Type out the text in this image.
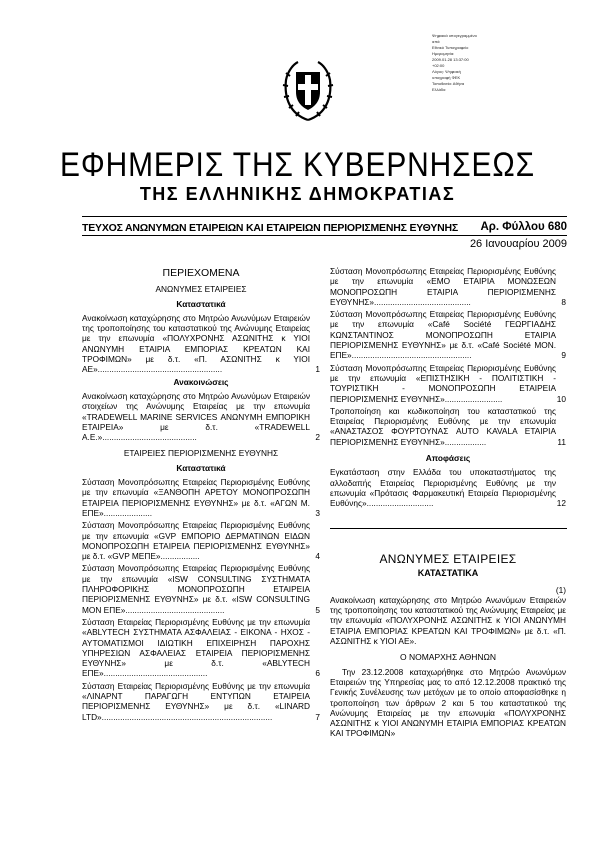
Ψηφιακά υπογεγραμμένο
από:
Εθνικό Τυπογραφείο
Ημερομηνία:
2009.01.28 13:37:00
+02:00
Λόγος: Ψηφιακή
υπογραφή ΦΕΚ
Τοποθεσία: Αθήνα
Ελλάδα
ΕΦΗΜΕΡΙΣ ΤΗΣ ΚΥΒΕΡΝΗΣΕΩΣ
ΤΗΣ ΕΛΛΗΝΙΚΗΣ ΔΗΜΟΚΡΑΤΙΑΣ
ΤΕΥΧΟΣ ΑΝΩΝΥΜΩΝ ΕΤΑΙΡΕΙΩΝ ΚΑΙ ΕΤΑΙΡΕΙΩΝ ΠΕΡΙΟΡΙΣΜΕΝΗΣ ΕΥΘΥΝΗΣ Αρ. Φύλλου 680
26 Ιανουαρίου 2009
ΠΕΡΙΕΧΟΜΕΝΑ
ΑΝΩΝΥΜΕΣ ΕΤΑΙΡΕΙΕΣ
Καταστατικά
Ανακοίνωση καταχώρησης στο Μητρώο Ανωνύμων Εταιρειών της τροποποίησης του καταστατικού της Ανώνυμης Εταιρείας με την επωνυμία «ΠΟΛΥΧΡΟΝΗΣ ΑΣΩΝΙΤΗΣ κ ΥΙΟΙ ΑΝΩΝΥΜΗ ΕΤΑΙΡΙΑ ΕΜΠΟΡΙΑΣ ΚΡΕΑΤΩΝ ΚΑΙ ΤΡΟΦΙΜΩΝ» με δ.τ. «Π. ΑΣΩΝΙΤΗΣ κ ΥΙΟΙ ΑΕ»......................................................	1
Ανακοινώσεις
Ανακοίνωση καταχώρησης στο Μητρώο Ανωνύμων Εταιρειών στοιχείων της Ανώνυμης Εταιρείας με την επωνυμία «TRADEWELL MARINE SERVICES ΑΝΩΝΥΜΗ ΕΜΠΟΡΙΚΗ ΕΤΑΙΡΕΙΑ» με δ.τ. «TRADEWELL Α.Ε.».........................................	2
ΕΤΑΙΡΕΙΕΣ ΠΕΡΙΟΡΙΣΜΕΝΗΣ ΕΥΘΥΝΗΣ
Καταστατικά
Σύσταση Μονοπρόσωπης Εταιρείας Περιορισμένης Ευθύνης με την επωνυμία «ΞΑΝΘΟΠΗ ΑΡΕΤΟΥ ΜΟΝΟΠΡΟΣΩΠΗ ΕΤΑΙΡΕΙΑ ΠΕΡΙΟΡΙΣΜΕΝΗΣ ΕΥΘΥΝΗΣ» με δ.τ. «ΑΓΩΝ Μ. ΕΠΕ».....................	3
Σύσταση Μονοπρόσωπης Εταιρείας Περιορισμένης Ευθύνης με την επωνυμία «GVP ΕΜΠΟΡΙΟ ΔΕΡΜΑΤΙΝΩΝ ΕΙΔΩΝ ΜΟΝΟΠΡΟΣΩΠΗ ΕΤΑΙΡΕΙΑ ΠΕΡΙΟΡΙΣΜΕΝΗΣ ΕΥΘΥΝΗΣ» με δ.τ. «GVP ΜΕΠΕ».................	4
Σύσταση Μονοπρόσωπης Εταιρείας Περιορισμένης Ευθύνης με την επωνυμία «ISW CONSULTING ΣΥΣΤΗΜΑΤΑ ΠΛΗΡΟΦΟΡΙΚΗΣ ΜΟΝΟΠΡΟΣΩΠΗ ΕΤΑΙΡΕΙΑ ΠΕΡΙΟΡΙΣΜΕΝΗΣ ΕΥΘΥΝΗΣ» με δ.τ. «ISW CONSULTING ΜΟΝ ΕΠΕ»...........................................	5
Σύσταση Εταιρείας Περιορισμένης Ευθύνης με την επωνυμία «ABLYTECH ΣΥΣΤΗΜΑΤΑ ΑΣΦΑΛΕΙΑΣ - ΕΙΚΟΝΑ - ΗΧΟΣ - ΑΥΤΟΜΑΤΙΣΜΟΙ ΙΔΙΩΤΙΚΗ ΕΠΙΧΕΙΡΗΣΗ ΠΑΡΟΧΗΣ ΥΠΗΡΕΣΙΩΝ ΑΣΦΑΛΕΙΑΣ ΕΤΑΙΡΕΙΑ ΠΕΡΙΟΡΙΣΜΕΝΗΣ ΕΥΘΥΝΗΣ» με δ.τ. «ABLYTECH ΕΠΕ».............................................	6
Σύσταση Εταιρείας Περιορισμένης Ευθύνης με την επωνυμία «ΛΙΝΑΡΝΤ ΠΑΡΑΓΩΓΗ ΕΝΤΥΠΩΝ ΕΤΑΙΡΕΙΑ ΠΕΡΙΟΡΙΣΜΕΝΗΣ ΕΥΘΥΝΗΣ» με δ.τ. «LINARD LTD»..........................................................................	7
Σύσταση Μονοπρόσωπης Εταιρείας Περιορισμένης Ευθύνης με την επωνυμία «ΕΜΟ ΕΤΑΙΡΙΑ ΜΟΝΩΣΕΩΝ ΜΟΝΟΠΡΟΣΩΠΗ ΕΤΑΙΡΙΑ ΠΕΡΙΟΡΙΣΜΕΝΗΣ ΕΥΘΥΝΗΣ»..........................................	8
Σύσταση Μονοπρόσωπης Εταιρείας Περιορισμένης Ευθύνης με την επωνυμία «Café Société ΓΕΩΡΓΙΑΔΗΣ ΚΩΝΣΤΑΝΤΙΝΟΣ ΜΟΝΟΠΡΟΣΩΠΗ ΕΤΑΙΡΙΑ ΠΕΡΙΟΡΙΣΜΕΝΗΣ ΕΥΘΥΝΗΣ» με δ.τ. «Café Société ΜΟΝ. ΕΠΕ»....................................................	9
Σύσταση Μονοπρόσωπης Εταιρείας Περιορισμένης Ευθύνης με την επωνυμία «ΕΠΙΣΤΗΣΙΚΗ - ΠΟΛΙΤΙΣΤΙΚΗ - ΤΟΥΡΙΣΤΙΚΗ - ΜΟΝΟΠΡΟΣΩΠΗ ΕΤΑΙΡΕΙΑ ΠΕΡΙΟΡΙΣΜΕΝΗΣ ΕΥΘΥΝΗΣ».........................	10
Τροποποίηση και κωδικοποίηση του καταστατικού της Εταιρείας Περιορισμένης Ευθύνης με την επωνυμία «ΑΝΑΣΤΑΣΟΣ ΦΟΥΡΤΟΥΝΑΣ AUTO KAVALA ΕΤΑΙΡΙΑ ΠΕΡΙΟΡΙΣΜΕΝΗΣ ΕΥΘΥΝΗΣ»..................	11
Αποφάσεις
Εγκατάσταση στην Ελλάδα του υποκαταστήματος της αλλοδαπής Εταιρείας Περιορισμένης Ευθύνης με την επωνυμία «Πρότασις Φαρμακευτική Εταιρεία Περιορισμένης Ευθύνης».............................	12
ΑΝΩΝΥΜΕΣ ΕΤΑΙΡΕΙΕΣ
ΚΑΤΑΣΤΑΤΙΚΑ
(1)
Ανακοίνωση καταχώρησης στο Μητρώο Ανωνύμων Εταιρειών της τροποποίησης του καταστατικού της Ανώνυμης Εταιρείας με την επωνυμία «ΠΟΛΥΧΡΟΝΗΣ ΑΣΩΝΙΤΗΣ κ ΥΙΟΙ ΑΝΩΝΥΜΗ ΕΤΑΙΡΙΑ ΕΜΠΟΡΙΑΣ ΚΡΕΑΤΩΝ ΚΑΙ ΤΡΟΦΙΜΩΝ» με δ.τ. «Π. ΑΣΩΝΙΤΗΣ κ ΥΙΟΙ ΑΕ».
Ο ΝΟΜΑΡΧΗΣ ΑΘΗΝΩΝ
Την 23.12.2008 καταχωρήθηκε στο Μητρώο Ανωνύμων Εταιρειών της Υπηρεσίας μας το από 12.12.2008 πρακτικό της Γενικής Συνέλευσης των μετόχων με το οποίο αποφασίσθηκε η τροποποίηση των άρθρων 2 και 5 του καταστατικού της Ανώνυμης Εταιρείας με την επωνυμία «ΠΟΛΥΧΡΟΝΗΣ ΑΣΩΝΙΤΗΣ κ ΥΙΟΙ ΑΝΩΝΥΜΗ ΕΤΑΙΡΙΑ ΕΜΠΟΡΙΑΣ ΚΡΕΑΤΩΝ ΚΑΙ ΤΡΟΦΙΜΩΝ»
